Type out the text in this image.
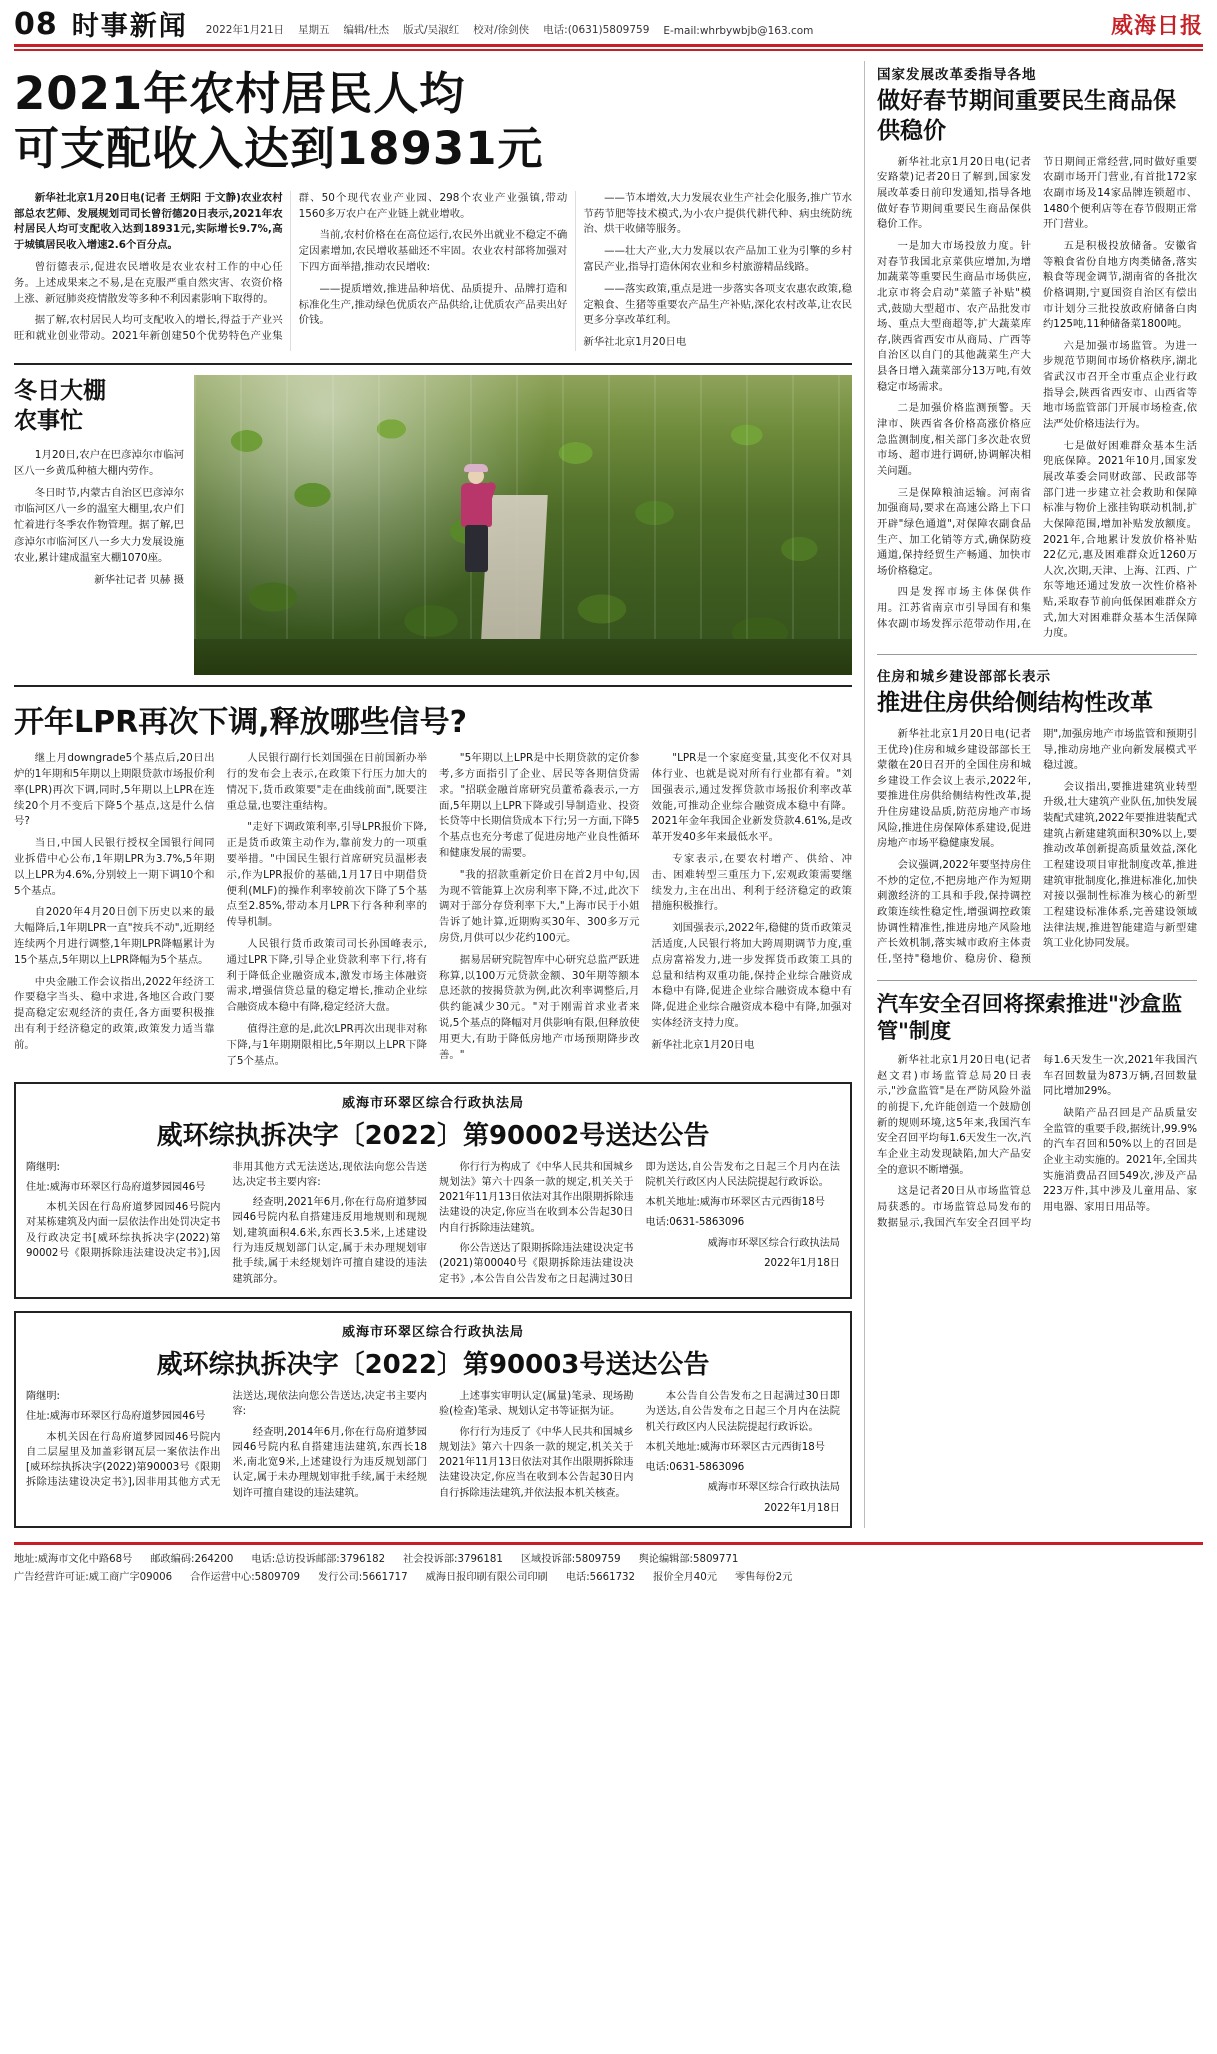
08 时事新闻 2022年1月21日 星期五 编辑/杜杰 版式/吴淑红 校对/徐剑侠 电话:(0631)5809759 E-mail:whrbywbjb@163.com	威海日报
2021年农村居民人均
可支配收入达到18931元

新华社北京1月20日电(记者 王炳阳 于文静)农业农村部总农艺师、发展规划司司长曾衍德20日表示,2021年农村居民人均可支配收入达到18931元,实际增长9.7%,高于城镇居民收入增速2.6个百分点。

曾衍德表示,促进农民增收是农业农村工作的中心任务。上述成果来之不易,是在克服严重自然灾害、农资价格上涨、新冠肺炎疫情散发等多种不利因素影响下取得的。

据了解,农村居民人均可支配收入的增长,得益于产业兴旺和就业创业带动。2021年新创建50个优势特色产业集群、50个现代农业产业园、298个农业产业强镇,带动1560多万农户在产业链上就业增收。

当前,农村价格在在高位运行,农民外出就业不稳定不确定因素增加,农民增收基础还不牢固。农业农村部将加强对下四方面举措,推动农民增收:

——提质增效,推进品种培优、品质提升、品牌打造和标准化生产,推动绿色优质农产品供给,让优质农产品卖出好价钱。

——节本增效,大力发展农业生产社会化服务,推广节水节药节肥等技术模式,为小农户提供代耕代种、病虫统防统治、烘干收储等服务。

——壮大产业,大力发展以农产品加工业为引擎的乡村富民产业,指导打造休闲农业和乡村旅游精品线路。

——落实政策,重点是进一步落实各项支农惠农政策,稳定粮食、生猪等重要农产品生产补贴,深化农村改革,让农民更多分享改革红利。

新华社北京1月20日电

冬日大棚
农事忙

1月20日,农户在巴彦淖尔市临河区八一乡黄瓜种植大棚内劳作。

冬日时节,内蒙古自治区巴彦淖尔市临河区八一乡的温室大棚里,农户们忙着进行冬季农作物管理。据了解,巴彦淖尔市临河区八一乡大力发展设施农业,累计建成温室大棚1070座。

新华社记者 贝赫 摄

开年LPR再次下调,释放哪些信号?

继上月downgrade5个基点后,20日出炉的1年期和5年期以上期限贷款市场报价利率(LPR)再次下调,同时,5年期以上LPR在连续20个月不变后下降5个基点,这是什么信号?

当日,中国人民银行授权全国银行间同业拆借中心公布,1年期LPR为3.7%,5年期以上LPR为4.6%,分别较上一期下调10个和5个基点。

自2020年4月20日创下历史以来的最大幅降后,1年期LPR一直"按兵不动",近期经连续两个月进行调整,1年期LPR降幅累计为15个基点,5年期以上LPR降幅为5个基点。

中央金融工作会议指出,2022年经济工作要稳字当头、稳中求进,各地区合政门要提高稳定宏观经济的责任,各方面要积极推出有利于经济稳定的政策,政策发力适当靠前。

人民银行副行长刘国强在日前国新办举行的发布会上表示,在政策下行压力加大的情况下,货币政策要"走在曲线前面",既要注重总量,也要注重结构。

"走好下调政策利率,引导LPR报价下降,正是货币政策主动作为,靠前发力的一项重要举措。"中国民生银行首席研究员温彬表示,作为LPR报价的基础,1月17日中期借贷便利(MLF)的操作利率较前次下降了5个基点至2.85%,带动本月LPR下行各种利率的传导机制。

人民银行货币政策司司长孙国峰表示,通过LPR下降,引导企业贷款利率下行,将有利于降低企业融资成本,激发市场主体融资需求,增强信贷总量的稳定增长,推动企业综合融资成本稳中有降,稳定经济大盘。

值得注意的是,此次LPR再次出现非对称下降,与1年期期限相比,5年期以上LPR下降了5个基点。

"5年期以上LPR是中长期贷款的定价参考,多方面指引了企业、居民等各期信贷需求。"招联金融首席研究员董希淼表示,一方面,5年期以上LPR下降或引导制造业、投资长贷等中长期信贷成本下行;另一方面,下降5个基点也充分考虑了促进房地产业良性循环和健康发展的需要。

"我的招款重新定价日在首2月中旬,因为现不管能算上次房利率下降,不过,此次下调对于部分存贷利率下大,"上海市民于小姐告诉了她计算,近期购买30年、300多万元房贷,月供可以少花约100元。

据易居研究院智库中心研究总监严跃进称算,以100万元贷款金额、30年期等额本息还款的按揭贷款为例,此次利率调整后,月供约能减少30元。"对于刚需首求业者来说,5个基点的降幅对月供影响有限,但释放使用更大,有助于降低房地产市场预期降步改善。"

"LPR是一个家庭变量,其变化不仅对具体行业、也就是说对所有行业都有着。"刘国强表示,通过发挥贷款市场报价利率改革效能,可推动企业综合融资成本稳中有降。2021年金年我国企业新发贷款4.61%,是改革开发40多年来最低水平。

专家表示,在要农村增产、供给、冲击、困难转型三重压力下,宏观政策需要继续发力,主在出出、利利于经济稳定的政策措施积极推行。

刘国强表示,2022年,稳健的货币政策灵活适度,人民银行将加大跨周期调节力度,重点房富裕发力,进一步发挥货币政策工具的总量和结构双重功能,保持企业综合融资成本稳中有降,促进企业综合融资成本稳中有降,促进企业综合融资成本稳中有降,加强对实体经济支持力度。

新华社北京1月20日电

威海市环翠区综合行政执法局
威环综执拆决字〔2022〕第90002号送达公告

隋继明:

住址:威海市环翠区行岛府道梦园园46号

本机关因在行岛府道梦园园46号院内对某栋建筑及内面一层依法作出处罚决定书及行政决定书[威环综执拆决字(2022)第90002号《限期拆除违法建设决定书》],因非用其他方式无法送达,现依法向您公告送达,决定书主要内容:

经查明,2021年6月,你在行岛府道梦园园46号院内私自搭建违反用地规则和现规划,建筑面积4.6米,东西长3.5米,上述建设行为违反规划部门认定,属于未办理规划审批手续,属于未经规划许可擅自建设的违法建筑部分。

你行行为构成了《中华人民共和国城乡规划法》第六十四条一款的规定,机关关于2021年11月13日依法对其作出限期拆除违法建设的决定,你应当在收到本公告起30日内自行拆除违法建筑。

你公告送达了限期拆除违法建设决定书(2021)第00040号《限期拆除违法建设决定书》,本公告自公告发布之日起满过30日即为送达,自公告发布之日起三个月内在法院机关行政区内人民法院提起行政诉讼。

本机关地址:威海市环翠区古元西街18号

电话:0631-5863096

威海市环翠区综合行政执法局

2022年1月18日

威海市环翠区综合行政执法局
威环综执拆决字〔2022〕第90003号送达公告

隋继明:

住址:威海市环翠区行岛府道梦园园46号

本机关因在行岛府道梦园园46号院内自二层屋里及加盖彩钢瓦层一案依法作出[威环综执拆决字(2022)第90003号《限期拆除违法建设决定书》],因非用其他方式无法送达,现依法向您公告送达,决定书主要内容:

经查明,2014年6月,你在行岛府道梦园园46号院内私自搭建违法建筑,东西长18米,南北宽9米,上述建设行为违反规划部门认定,属于未办理规划审批手续,属于未经规划许可擅自建设的违法建筑。

上述事实审明认定(属量)笔录、现场勘验(检查)笔录、规划认定书等证据为证。

你行行为违反了《中华人民共和国城乡规划法》第六十四条一款的规定,机关关于2021年11月13日依法对其作出限期拆除违法建设决定,你应当在收到本公告起30日内自行拆除违法建筑,并依法报本机关核查。

本公告自公告发布之日起满过30日即为送达,自公告发布之日起三个月内在法院机关行政区内人民法院提起行政诉讼。

本机关地址:威海市环翠区古元西街18号

电话:0631-5863096

威海市环翠区综合行政执法局

2022年1月18日

国家发展改革委指导各地
做好春节期间重要民生商品保供稳价

新华社北京1月20日电(记者 安路蒙)记者20日了解到,国家发展改革委日前印发通知,指导各地做好春节期间重要民生商品保供稳价工作。

一是加大市场投放力度。针对春节我国北京菜供应增加,为增加蔬菜等重要民生商品市场供应,北京市将会启动"菜篮子补贴"模式,鼓励大型超市、农产品批发市场、重点大型商超等,扩大蔬菜库存,陕西省西安市从商局、广西等自治区以自门的其他蔬菜生产大县各日增入蔬菜部分13万吨,有效稳定市场需求。

二是加强价格监测预警。天津市、陕西省各价格高涨价格应急监测制度,相关部门多次赴农贸市场、超市进行调研,协调解决相关问题。

三是保障粮油运输。河南省加强商局,要求在高速公路上下口开辟"绿色通道",对保障农副食品生产、加工化销等方式,确保防疫通道,保持经贸生产畅通、加快市场价格稳定。

四是发挥市场主体保供作用。江苏省南京市引导国有和集体农副市场发挥示范带动作用,在节日期间正常经营,同时做好重要农副市场开门营业,有首批172家农副市场及14家品牌连锁超市、1480个便利店等在春节假期正常开门营业。

五是积极投放储备。安徽省等粮食省份自地方肉类储备,落实粮食等现金调节,湖南省的各批次价格调期,宁夏国资自治区有偿出市计划分三批投放政府储备白肉约125吨,11种储备菜1800吨。

六是加强市场监管。为进一步规范节期间市场价格秩序,湖北省武汉市召开全市重点企业行政指导会,陕西省西安市、山西省等地市场监管部门开展市场检查,依法严处价格违法行为。

七是做好困难群众基本生活兜底保障。2021年10月,国家发展改革委会同财政部、民政部等部门进一步建立社会救助和保障标准与物价上涨挂钩联动机制,扩大保障范围,增加补贴发放额度。2021年,合地累计发放价格补贴22亿元,惠及困难群众近1260万人次,次期,天津、上海、江西、广东等地还通过发放一次性价格补贴,采取春节前向低保困难群众方式,加大对困难群众基本生活保障力度。

住房和城乡建设部部长表示
推进住房供给侧结构性改革

新华社北京1月20日电(记者 王优玲)住房和城乡建设部部长王蒙徽在20日召开的全国住房和城乡建设工作会议上表示,2022年,要推进住房供给侧结构性改革,提升住房建设品质,防范房地产市场风险,推进住房保障体系建设,促进房地产市场平稳健康发展。

会议强调,2022年要坚持房住不炒的定位,不把房地产作为短期刺激经济的工具和手段,保持调控政策连续性稳定性,增强调控政策协调性精准性,推进房地产风险地产长效机制,落实城市政府主体责任,坚持"稳地价、稳房价、稳预期",加强房地产市场监管和预期引导,推动房地产业向新发展模式平稳过渡。

会议指出,要推进建筑业转型升级,壮大建筑产业队伍,加快发展装配式建筑,2022年要推进装配式建筑占新建建筑面积30%以上,要推动改革创新提高质量效益,深化工程建设项目审批制度改革,推进建筑审批制度化,推进标准化,加快对接以强制性标准为核心的新型工程建设标准体系,完善建设领域法律法规,推进智能建造与新型建筑工业化协同发展。

汽车安全召回将探索推进"沙盒监管"制度

新华社北京1月20日电(记者 赵文君)市场监管总局20日表示,"沙盒监管"是在严防风险外溢的前提下,允许能创造一个鼓励创新的规则环境,这5年来,我国汽车安全召回平均每1.6天发生一次,汽车企业主动发现缺陷,加大产品安全的意识不断增强。

这是记者20日从市场监管总局获悉的。市场监管总局发布的数据显示,我国汽车安全召回平均每1.6天发生一次,2021年我国汽车召回数量为873万辆,召回数量同比增加29%。

缺陷产品召回是产品质量安全监管的重要手段,据统计,99.9%的汽车召回和50%以上的召回是企业主动实施的。2021年,全国共实施消费品召回549次,涉及产品223万件,其中涉及儿童用品、家用电器、家用日用品等。

地址:威海市文化中路68号 邮政编码:264200 电话:总访投诉邮部:3796182 社会投诉部:3796181 区域投诉部:5809759 舆论编辑部:5809771
广告经营许可证:威工商广字09006 合作运营中心:5809709 发行公司:5661717 威海日报印刷有限公司印刷 电话:5661732 报价全月40元 零售每份2元
